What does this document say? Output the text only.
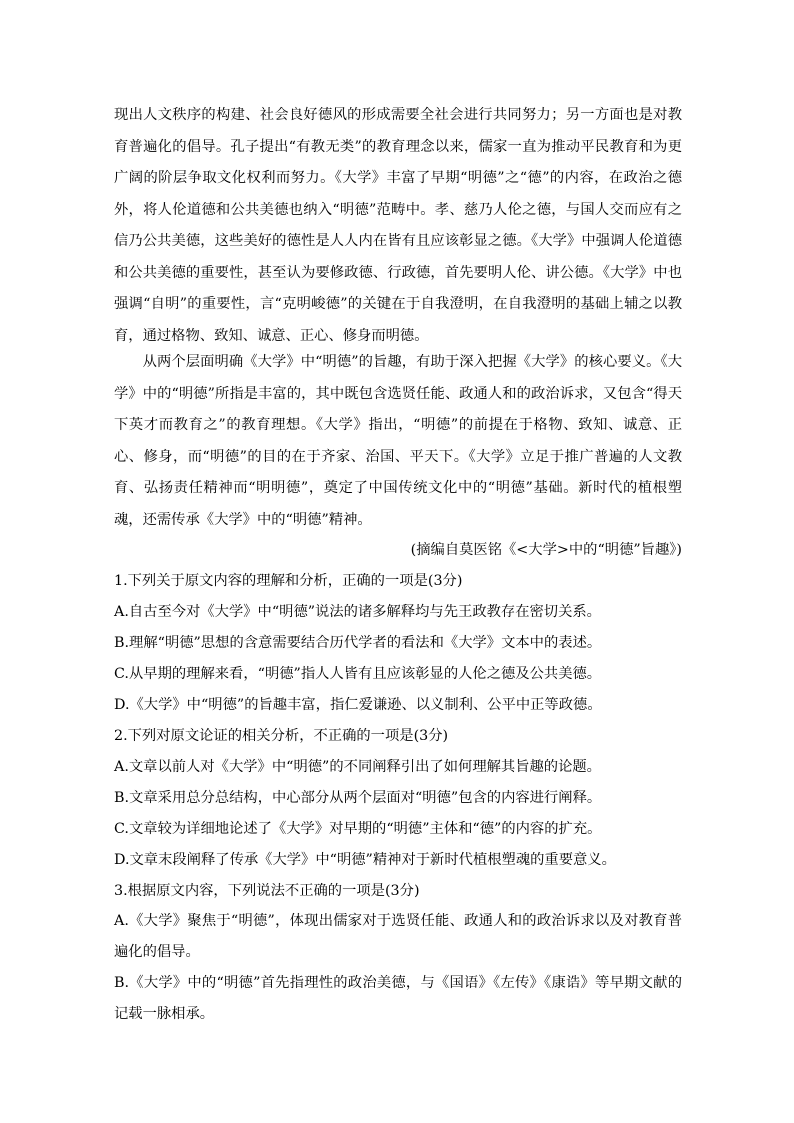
现出人文秩序的构建、社会良好德风的形成需要全社会进行共同努力；另一方面也是对教育普遍化的倡导。孔子提出“有教无类”的教育理念以来，儒家一直为推动平民教育和为更广阔的阶层争取文化权利而努力。《大学》丰富了早期“明德”之“德”的内容，在政治之德外，将人伦道德和公共美德也纳入“明德”范畴中。孝、慈乃人伦之德，与国人交而应有之信乃公共美德，这些美好的德性是人人内在皆有且应该彰显之德。《大学》中强调人伦道德和公共美德的重要性，甚至认为要修政德、行政德，首先要明人伦、讲公德。《大学》中也强调“自明”的重要性，言“克明峻德”的关键在于自我澄明，在自我澄明的基础上辅之以教育，通过格物、致知、诚意、正心、修身而明德。

从两个层面明确《大学》中“明德”的旨趣，有助于深入把握《大学》的核心要义。《大学》中的“明德”所指是丰富的，其中既包含选贤任能、政通人和的政治诉求，又包含“得天下英才而教育之”的教育理想。《大学》指出，“明德”的前提在于格物、致知、诚意、正心、修身，而“明德”的目的在于齐家、治国、平天下。《大学》立足于推广普遍的人文教育、弘扬责任精神而“明明德”，奠定了中国传统文化中的“明德”基础。新时代的植根塑魂，还需传承《大学》中的“明德”精神。

(摘编自莫医铭《<大学>中的“明德”旨趣》)
1.下列关于原文内容的理解和分析，正确的一项是(3分)
A.自古至今对《大学》中“明德”说法的诸多解释均与先王政教存在密切关系。
B.理解“明德”思想的含意需要结合历代学者的看法和《大学》文本中的表述。
C.从早期的理解来看，“明德”指人人皆有且应该彰显的人伦之德及公共美德。
D.《大学》中“明德”的旨趣丰富，指仁爱谦逊、以义制利、公平中正等政德。
2.下列对原文论证的相关分析，不正确的一项是(3分)
A.文章以前人对《大学》中“明德”的不同阐释引出了如何理解其旨趣的论题。
B.文章采用总分总结构，中心部分从两个层面对“明德”包含的内容进行阐释。
C.文章较为详细地论述了《大学》对早期的“明德”主体和“德”的内容的扩充。
D.文章末段阐释了传承《大学》中“明德”精神对于新时代植根塑魂的重要意义。
3.根据原文内容，下列说法不正确的一项是(3分)

A.《大学》聚焦于“明德”，体现出儒家对于选贤任能、政通人和的政治诉求以及对教育普遍化的倡导。

B.《大学》中的“明德”首先指理性的政治美德，与《国语》《左传》《康诰》等早期文献的记载一脉相承。
